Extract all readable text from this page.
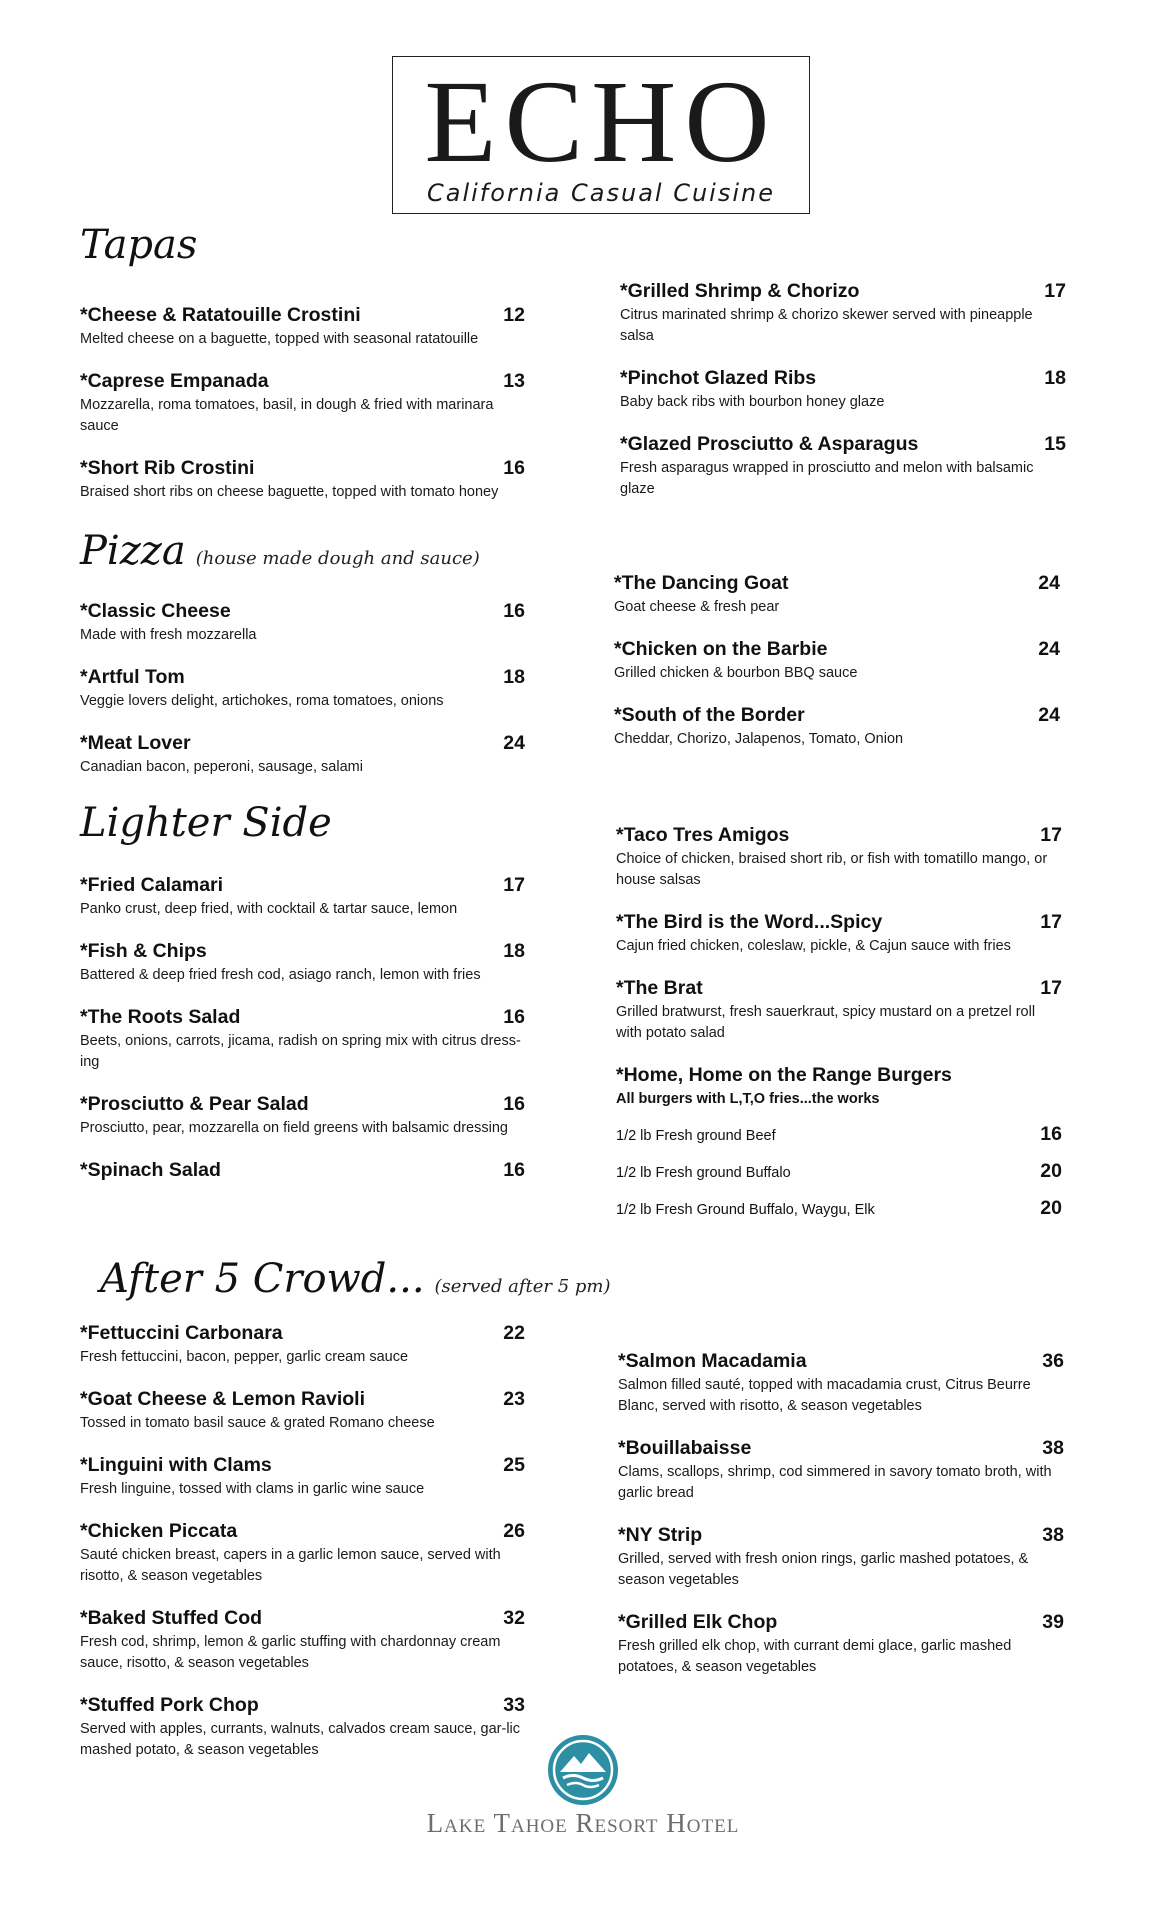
ECHO
California Casual Cuisine
Tapas
Pizza (house made dough and sauce)
Lighter Side
After 5 Crowd... (served after 5 pm)
*Cheese & Ratatouille Crostini	12
Melted cheese on a baguette, topped with seasonal ratatouille
*Caprese Empanada	13
Mozzarella, roma tomatoes, basil, in dough & fried with marinara sauce
*Short Rib Crostini	16
Braised short ribs on cheese baguette, topped with tomato honey
*Grilled Shrimp & Chorizo	17
Citrus marinated shrimp & chorizo skewer served with pineapple salsa
*Pinchot Glazed Ribs	18
Baby back ribs with bourbon honey glaze
*Glazed Prosciutto & Asparagus	15
Fresh asparagus wrapped in prosciutto and melon with balsamic glaze
*Classic Cheese	16
Made with fresh mozzarella
*Artful Tom	18
Veggie lovers delight, artichokes, roma tomatoes, onions
*Meat Lover	24
Canadian bacon, peperoni, sausage, salami
*The Dancing Goat	24
Goat cheese & fresh pear
*Chicken on the Barbie	24
Grilled chicken & bourbon BBQ sauce
*South of the Border	24
Cheddar, Chorizo, Jalapenos, Tomato, Onion
*Fried Calamari	17
Panko crust, deep fried, with cocktail & tartar sauce, lemon
*Fish & Chips	18
Battered & deep fried fresh cod, asiago ranch, lemon with fries
*The Roots Salad	16
Beets, onions, carrots, jicama, radish on spring mix with citrus dress-ing
*Prosciutto & Pear Salad	16
Prosciutto, pear, mozzarella on field greens with balsamic dressing
*Spinach Salad	16
*Taco Tres Amigos	17
Choice of chicken, braised short rib, or fish with tomatillo mango, or house salsas
*The Bird is the Word...Spicy	17
Cajun fried chicken, coleslaw, pickle, & Cajun sauce with fries
*The Brat	17
Grilled bratwurst, fresh sauerkraut, spicy mustard on a pretzel roll with potato salad
*Home, Home on the Range Burgers
All burgers with L,T,O fries...the works
1/2 lb Fresh ground Beef	16
1/2 lb Fresh ground Buffalo	20
1/2 lb Fresh Ground Buffalo, Waygu, Elk	20
*Fettuccini Carbonara	22
Fresh fettuccini, bacon, pepper, garlic cream sauce
*Goat Cheese & Lemon Ravioli	23
Tossed in tomato basil sauce & grated Romano cheese
*Linguini with Clams	25
Fresh linguine, tossed with clams in garlic wine sauce
*Chicken Piccata	26
Sauté chicken breast, capers in a garlic lemon sauce, served with risotto, & season vegetables
*Baked Stuffed Cod	32
Fresh cod, shrimp, lemon & garlic stuffing with chardonnay cream sauce, risotto, & season vegetables
*Stuffed Pork Chop	33
Served with apples, currants, walnuts, calvados cream sauce, gar-lic mashed potato, & season vegetables
*Salmon Macadamia	36
Salmon filled sauté, topped with macadamia crust, Citrus Beurre Blanc, served with risotto, & season vegetables
*Bouillabaisse	38
Clams, scallops, shrimp, cod simmered in savory tomato broth, with garlic bread
*NY Strip	38
Grilled, served with fresh onion rings, garlic mashed potatoes, & season vegetables
*Grilled Elk Chop	39
Fresh grilled elk chop, with currant demi glace, garlic mashed potatoes, & season vegetables
Lake Tahoe Resort Hotel
